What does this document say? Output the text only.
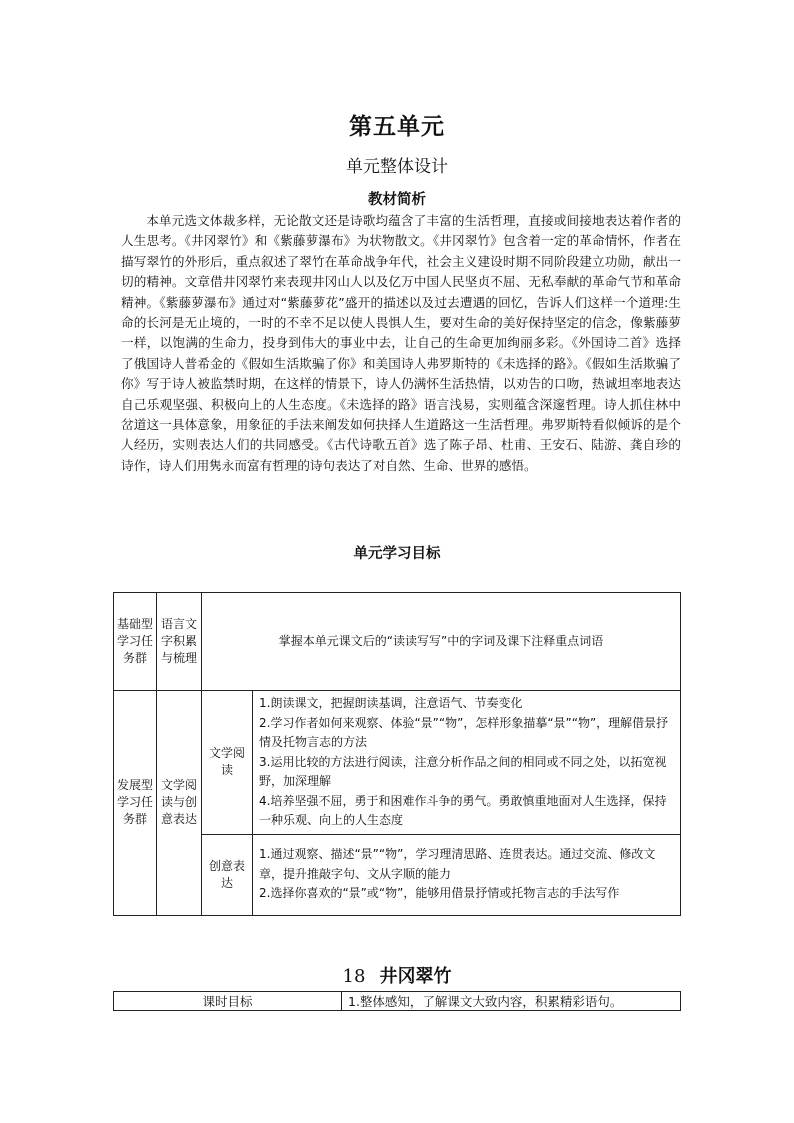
第五单元
单元整体设计
教材简析

本单元选文体裁多样，无论散文还是诗歌均蕴含了丰富的生活哲理，直接或间接地表达着作者的人生思考。《井冈翠竹》和《紫藤萝瀑布》为状物散文。《井冈翠竹》包含着一定的革命情怀，作者在描写翠竹的外形后，重点叙述了翠竹在革命战争年代，社会主义建设时期不同阶段建立功勋，献出一切的精神。文章借井冈翠竹来表现井冈山人以及亿万中国人民坚贞不屈、无私奉献的革命气节和革命精神。《紫藤萝瀑布》通过对“紫藤萝花”盛开的描述以及过去遭遇的回忆，告诉人们这样一个道理:生命的长河是无止境的，一时的不幸不足以使人畏惧人生，要对生命的美好保持坚定的信念，像紫藤萝一样，以饱满的生命力，投身到伟大的事业中去，让自己的生命更加绚丽多彩。《外国诗二首》选择了俄国诗人普希金的《假如生活欺骗了你》和美国诗人弗罗斯特的《未选择的路》。《假如生活欺骗了你》写于诗人被监禁时期，在这样的情景下，诗人仍满怀生活热情，以劝告的口吻，热诚坦率地表达自己乐观坚强、积极向上的人生态度。《未选择的路》语言浅易，实则蕴含深邃哲理。诗人抓住林中岔道这一具体意象，用象征的手法来阐发如何抉择人生道路这一生活哲理。弗罗斯特看似倾诉的是个人经历，实则表达人们的共同感受。《古代诗歌五首》选了陈子昂、杜甫、王安石、陆游、龚自珍的诗作，诗人们用隽永而富有哲理的诗句表达了对自然、生命、世界的感悟。

单元学习目标
基础型学习任务群	语言文字积累与梳理	掌握本单元课文后的“读读写写”中的字词及课下注释重点词语	
发展型学习任务群	文学阅读与创意表达	文学阅读	1.朗读课文，把握朗读基调，注意语气、节奏变化
2.学习作者如何来观察、体验“景”“物”，怎样形象描摹“景”“物”，理解借景抒情及托物言志的方法
3.运用比较的方法进行阅读，注意分析作品之间的相同或不同之处，以拓宽视野，加深理解
4.培养坚强不屈，勇于和困难作斗争的勇气。勇敢慎重地面对人生选择，保持一种乐观、向上的人生态度

		创意表达	1.通过观察、描述“景”“物”，学习理清思路、连贯表达。通过交流、修改文章，提升推敲字句、文从字顺的能力
2.选择你喜欢的“景”或“物”，能够用借景抒情或托物言志的手法写作
18 井冈翠竹
课时目标	1.整体感知，了解课文大致内容，积累精彩语句。
